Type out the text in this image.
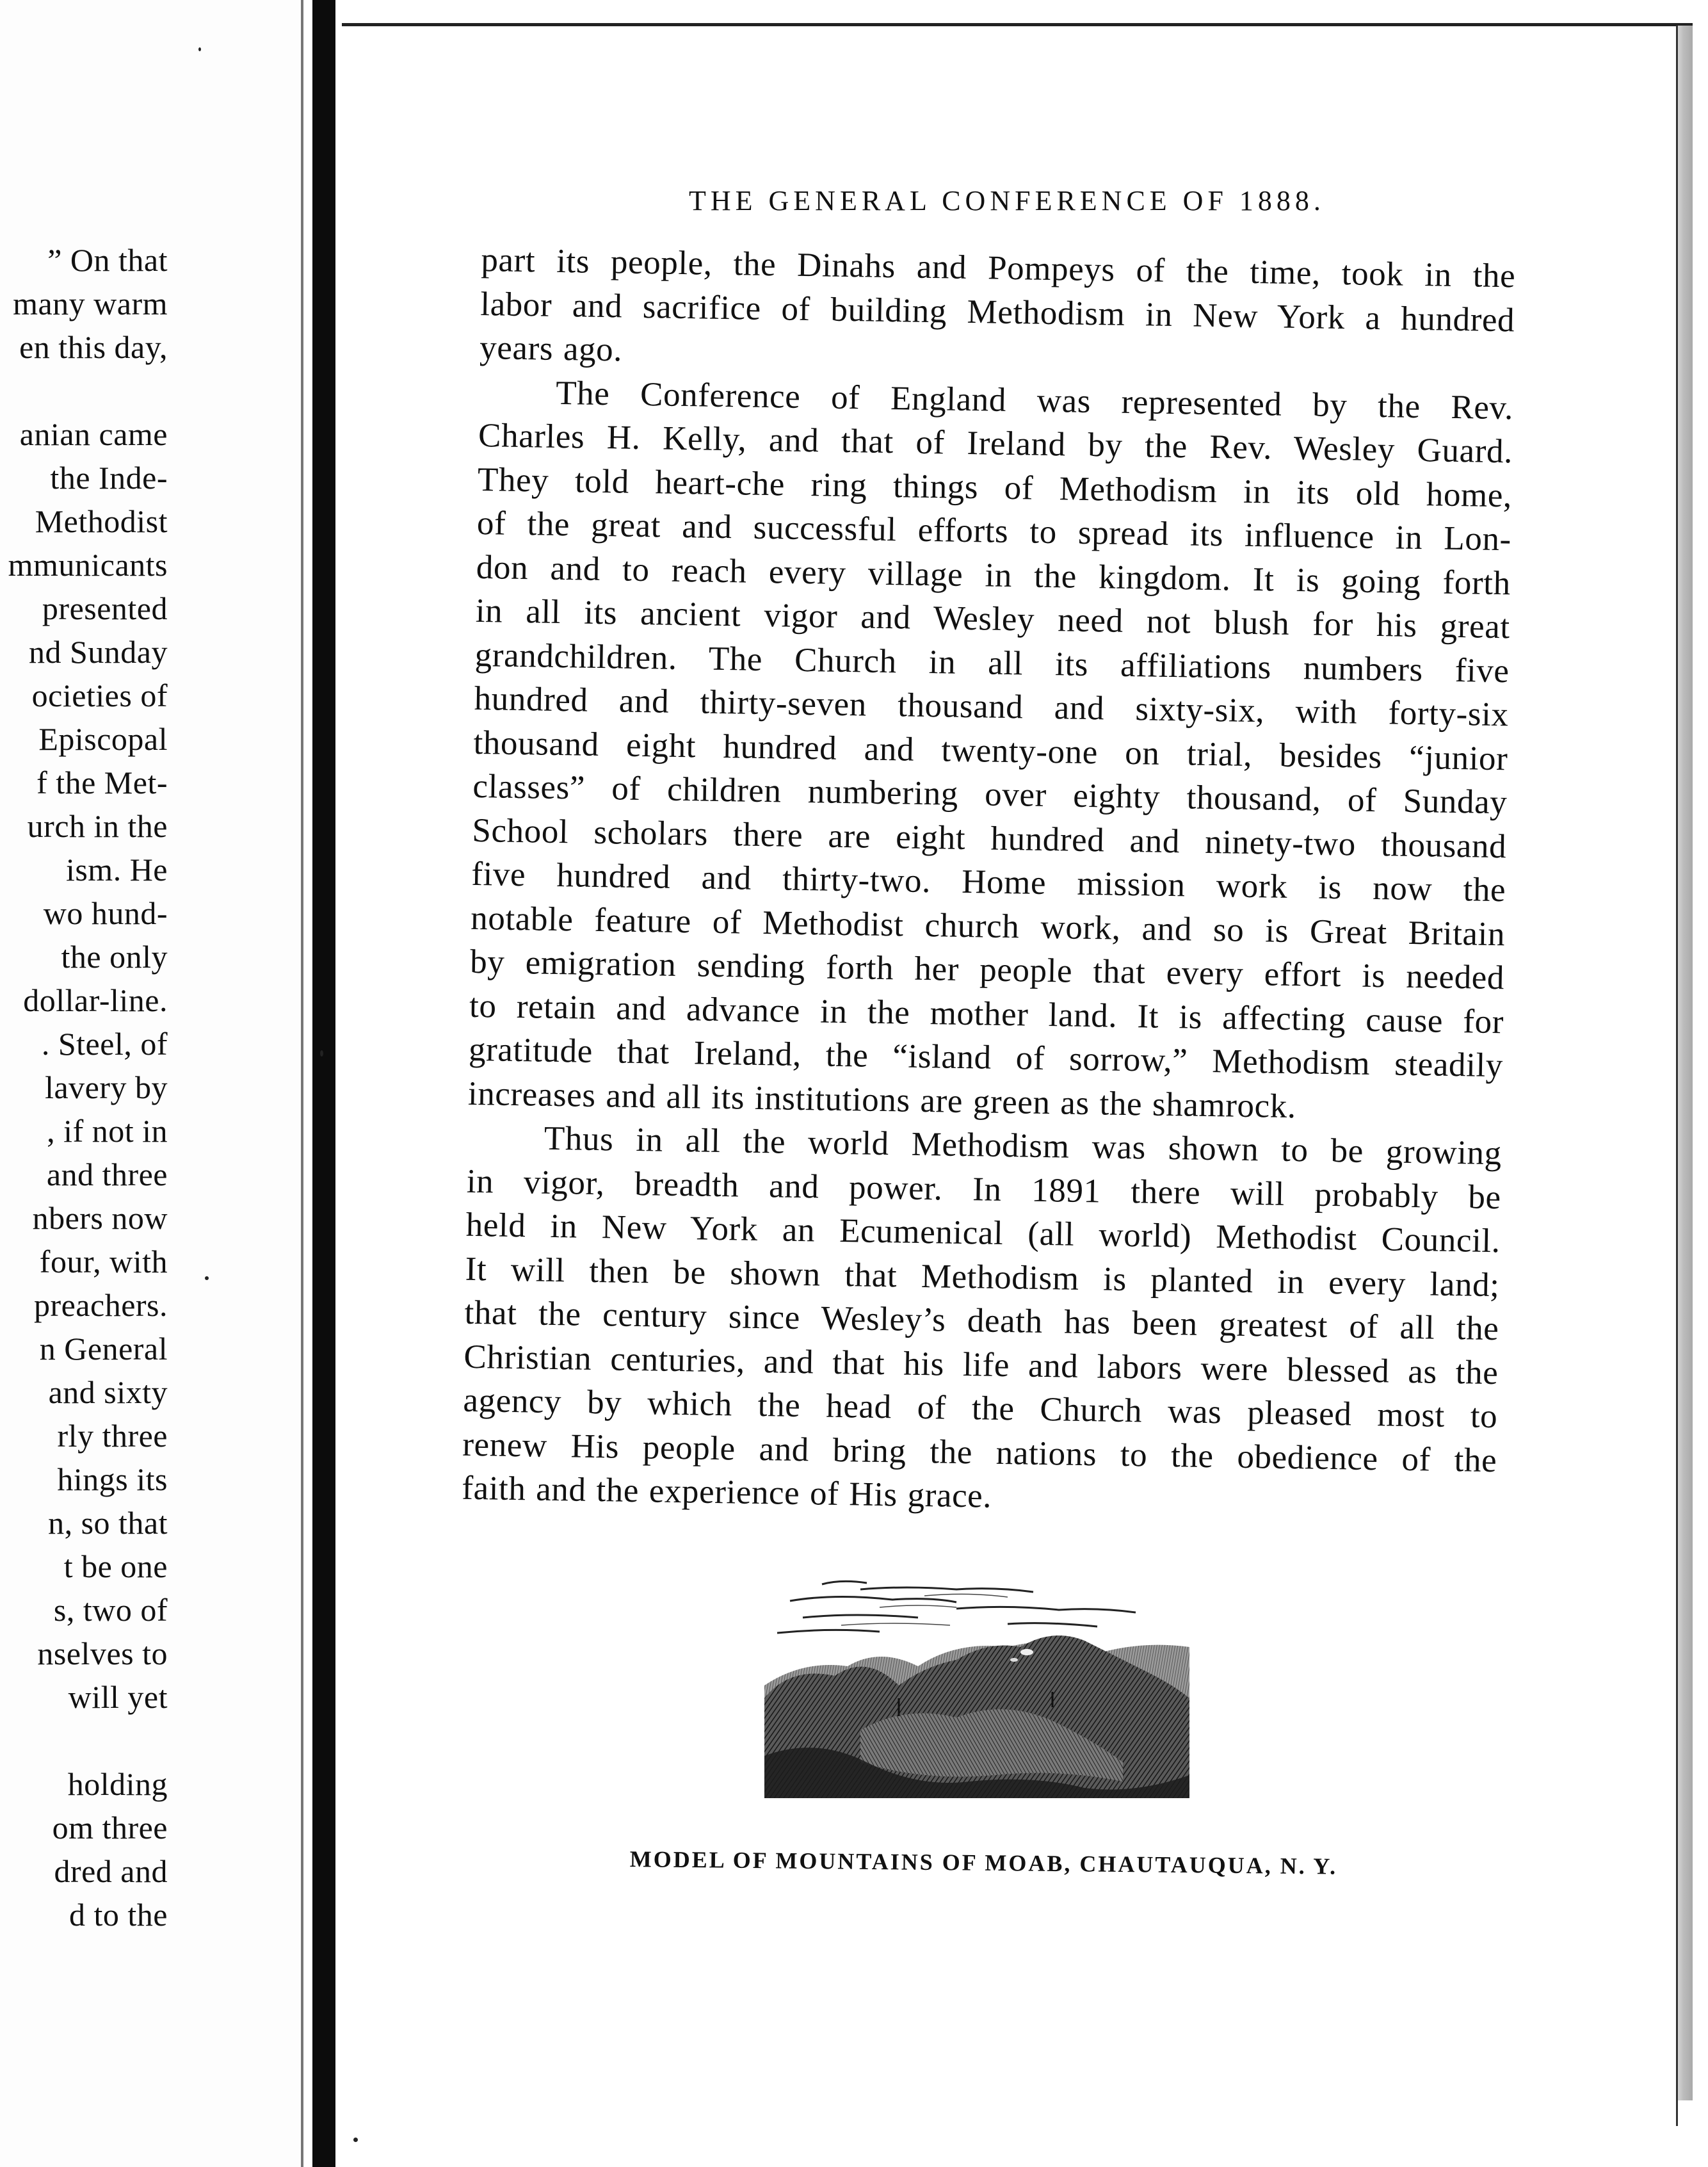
” On that
many warm
en this day,
anian came
the Inde-
Methodist
mmunicants
presented
nd Sunday
ocieties of
Episcopal
f the Met-
urch in the
ism. He
wo hund-
the only
dollar-line.
. Steel, of
lavery by
, if not in
and three
nbers now
four, with
preachers.
n General
and sixty
rly three
hings its
n, so that
t be one
s, two of
nselves to
will yet
holding
om three
dred and
d to the
THE GENERAL CONFERENCE OF 1888.
part its people, the Dinahs and Pompeys of the time, took in the
labor and sacrifice of building Methodism in New York a hundred
years ago.
The Conference of England was represented by the Rev.
Charles H. Kelly, and that of Ireland by the Rev. Wesley Guard.
They told heart-che ring things of Methodism in its old home,
of the great and successful efforts to spread its influence in Lon-
don and to reach every village in the kingdom. It is going forth
in all its ancient vigor and Wesley need not blush for his great
grandchildren. The Church in all its affiliations numbers five
hundred and thirty-seven thousand and sixty-six, with forty-six
thousand eight hundred and twenty-one on trial, besides “junior
classes” of children numbering over eighty thousand, of Sunday
School scholars there are eight hundred and ninety-two thousand
five hundred and thirty-two. Home mission work is now the
notable feature of Methodist church work, and so is Great Britain
by emigration sending forth her people that every effort is needed
to retain and advance in the mother land. It is affecting cause for
gratitude that Ireland, the “island of sorrow,” Methodism steadily
increases and all its institutions are green as the shamrock.
Thus in all the world Methodism was shown to be growing
in vigor, breadth and power. In 1891 there will probably be
held in New York an Ecumenical (all world) Methodist Council.
It will then be shown that Methodism is planted in every land;
that the century since Wesley’s death has been greatest of all the
Christian centuries, and that his life and labors were blessed as the
agency by which the head of the Church was pleased most to
renew His people and bring the nations to the obedience of the
faith and the experience of His grace.
MODEL OF MOUNTAINS OF MOAB, CHAUTAUQUA, N. Y.
